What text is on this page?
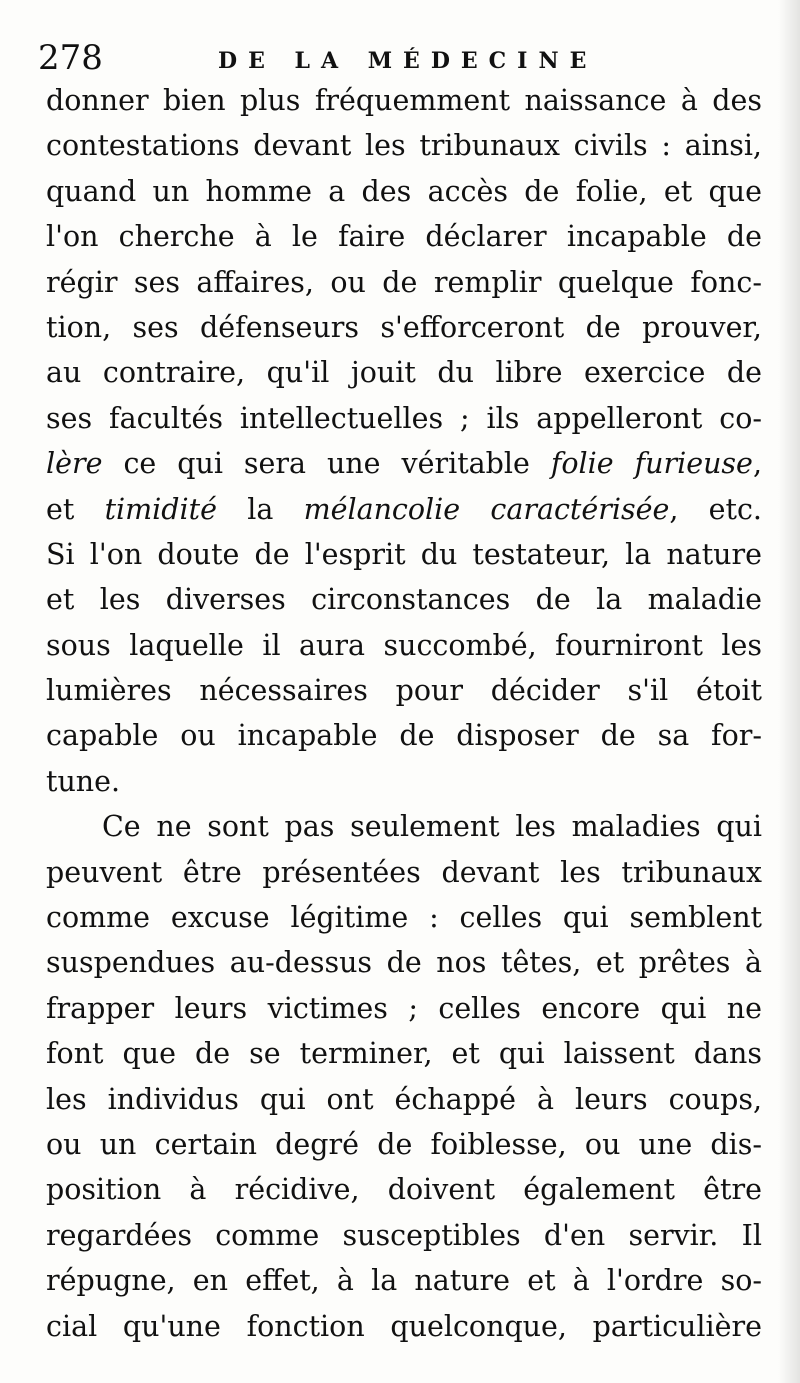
278	DE LA MÉDECINE
donner bien plus fréquemment naissance à des
contestations devant les tribunaux civils : ainsi,
quand un homme a des accès de folie, et que
l'on cherche à le faire déclarer incapable de
régir ses affaires, ou de remplir quelque fonc-
tion, ses défenseurs s'efforceront de prouver,
au contraire, qu'il jouit du libre exercice de
ses facultés intellectuelles ; ils appelleront co-
lère ce qui sera une véritable folie furieuse,
et timidité la mélancolie caractérisée, etc.
Si l'on doute de l'esprit du testateur, la nature
et les diverses circonstances de la maladie
sous laquelle il aura succombé, fourniront les
lumières nécessaires pour décider s'il étoit
capable ou incapable de disposer de sa for-
tune.
Ce ne sont pas seulement les maladies qui
peuvent être présentées devant les tribunaux
comme excuse légitime : celles qui semblent
suspendues au-dessus de nos têtes, et prêtes à
frapper leurs victimes ; celles encore qui ne
font que de se terminer, et qui laissent dans
les individus qui ont échappé à leurs coups,
ou un certain degré de foiblesse, ou une dis-
position à récidive, doivent également être
regardées comme susceptibles d'en servir. Il
répugne, en effet, à la nature et à l'ordre so-
cial qu'une fonction quelconque, particulière
